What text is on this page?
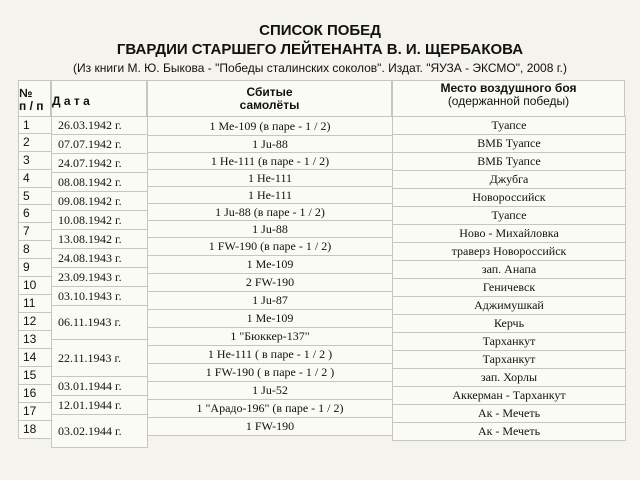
СПИСОК ПОБЕД
ГВАРДИИ СТАРШЕГО ЛЕЙТЕНАНТА В. И. ЩЕРБАКОВА
(Из книги М. Ю. Быкова - "Победы сталинских соколов". Издат. "ЯУЗА - ЭКСМО", 2008 г.)
№
п / п Д а т а
Сбитые
самолёты
Место воздушного боя
(одержанной победы)
1
2
3
4
5
6
7
8
9
10
11
12
13
14
15
16
17
18
26.03.1942 г.
07.07.1942 г.
24.07.1942 г.
08.08.1942 г.
09.08.1942 г.
10.08.1942 г.
13.08.1942 г.
24.08.1943 г.
23.09.1943 г.
03.10.1943 г.
06.11.1943 г.
22.11.1943 г.
03.01.1944 г.
12.01.1944 г.
03.02.1944 г.
1 Ме-109 (в паре - 1 / 2)
1 Ju-88
1 Не-111 (в паре - 1 / 2)
1 Не-111
1 Не-111
1 Ju-88 (в паре - 1 / 2)
1 Ju-88
1 FW-190 (в паре - 1 / 2)
1 Ме-109
2 FW-190
1 Ju-87
1 Ме-109
1 "Бюккер-137"
1 Не-111 ( в паре - 1 / 2 )
1 FW-190 ( в паре - 1 / 2 )
1 Ju-52
1 "Арадо-196" (в паре - 1 / 2)
1 FW-190
Туапсе
ВМБ Туапсе
ВМБ Туапсе
Джубга
Новороссийск
Туапсе
Ново - Михайловка
траверз Новороссийск
зап. Анапа
Геничевск
Аджимушкай
Керчь
Тарханкут
Тарханкут
зап. Хорлы
Аккерман - Тарханкут
Ак - Мечеть
Ак - Мечеть
